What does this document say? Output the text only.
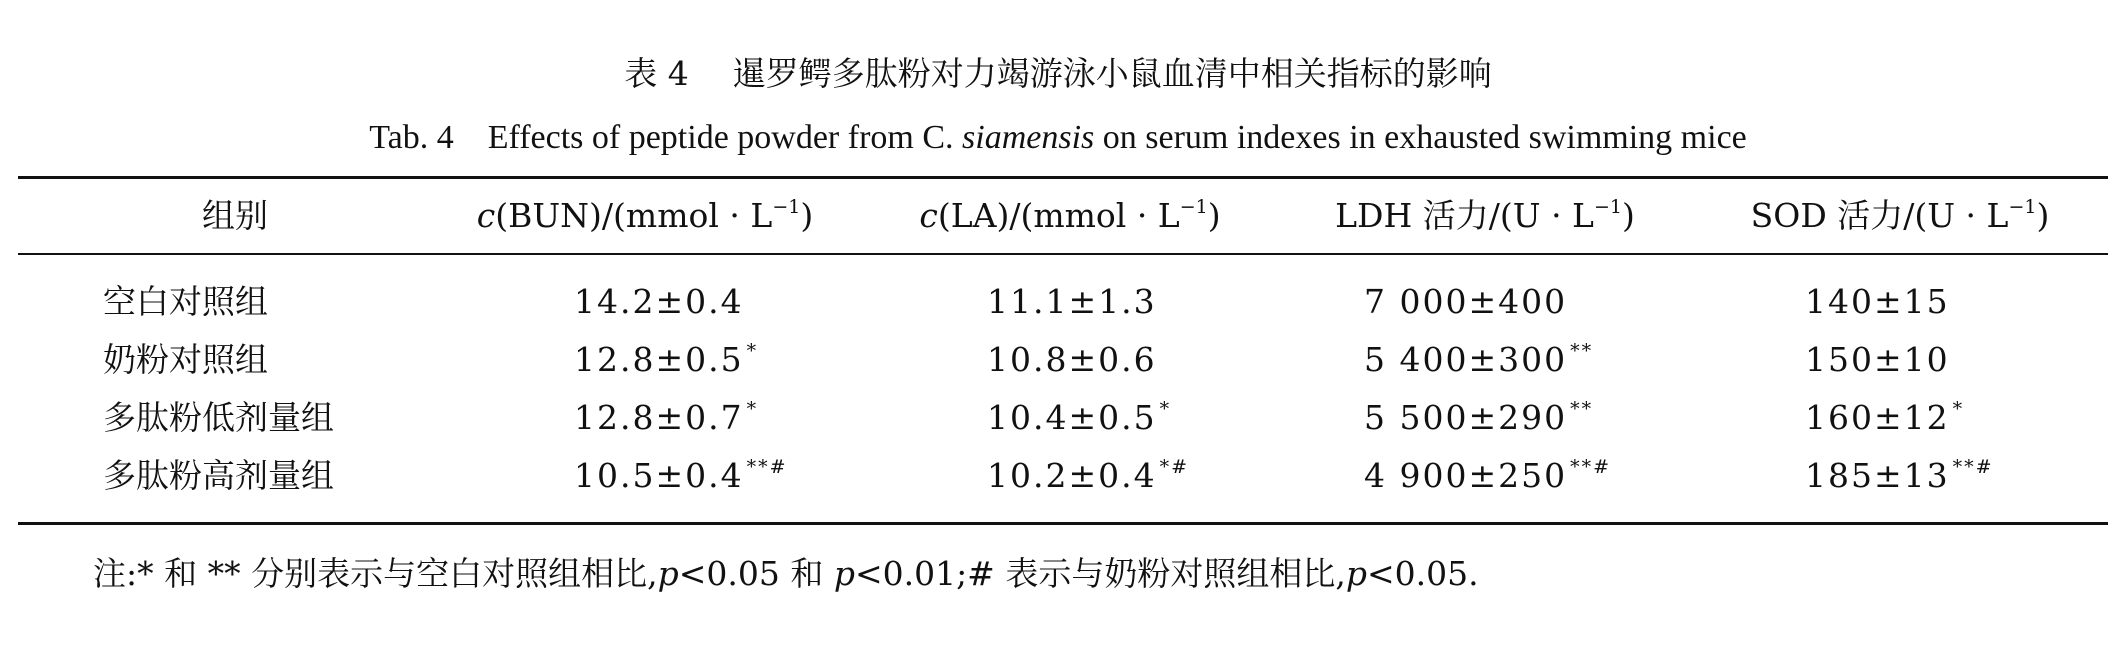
表 4 暹罗鳄多肽粉对力竭游泳小鼠血清中相关指标的影响
Tab. 4 Effects of peptide powder from C. siamensis on serum indexes in exhausted swimming mice
组别	c(BUN)/(mmol · $L^{-1}$)	c(LA)/(mmol · $L^{-1}$)	LDH 活力$/(U \cdot L^{-1})$	SOD 活力$/(U \cdot L^{-1})$
空白对照组	14.2±0.4	11.1±1.3	7 000±400	140±15
奶粉对照组	12.8±0.5 *	10.8±0.6	5 400±300 **	150±10
多肽粉低剂量组	12.8±0.7 *	10.4±0.5 *	5 500±290 **	160±12 *
多肽粉高剂量组	10.5±0.4 **#	10.2±0.4 *#	4 900±250 **#	185±13 **#
注:* 和 ** 分别表示与空白对照组相比,p<0.05 和 p<0.01;# 表示与奶粉对照组相比,p<0.05.
